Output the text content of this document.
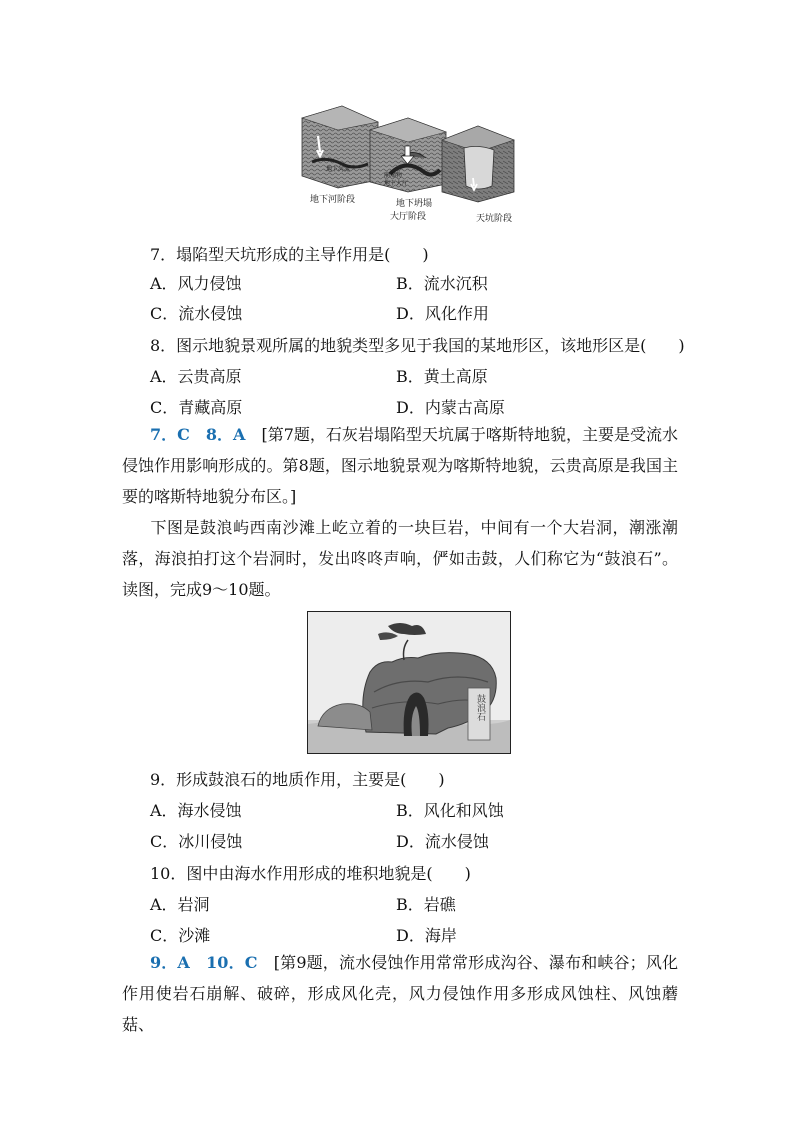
地下河流
崩塌物
地下大厅
地下河阶段	地下坍塌
大厅阶段	天坑阶段
7．塌陷型天坑形成的主导作用是(　　)
A．风力侵蚀	B．流水沉积
C．流水侵蚀	D．风化作用
8．图示地貌景观所属的地貌类型多见于我国的某地形区，该地形区是(　　)
A．云贵高原	B．黄土高原
C．青藏高原	D．内蒙古高原
7．C　8．A　 [第7题，石灰岩塌陷型天坑属于喀斯特地貌，主要是受流水侵蚀作用影响形成的。第8题，图示地貌景观为喀斯特地貌，云贵高原是我国主要的喀斯特地貌分布区。]
下图是鼓浪屿西南沙滩上屹立着的一块巨岩，中间有一个大岩洞，潮涨潮落，海浪拍打这个岩洞时，发出咚咚声响，俨如击鼓，人们称它为“鼓浪石”。读图，完成9～10题。
鼓浪石
9．形成鼓浪石的地质作用，主要是(　　)
A．海水侵蚀	B．风化和风蚀
C．冰川侵蚀	D．流水侵蚀
10．图中由海水作用形成的堆积地貌是(　　)
A．岩洞	B．岩礁
C．沙滩	D．海岸
9．A　10．C　 [第9题，流水侵蚀作用常常形成沟谷、瀑布和峡谷；风化作用使岩石崩解、破碎，形成风化壳，风力侵蚀作用多形成风蚀柱、风蚀蘑菇、
